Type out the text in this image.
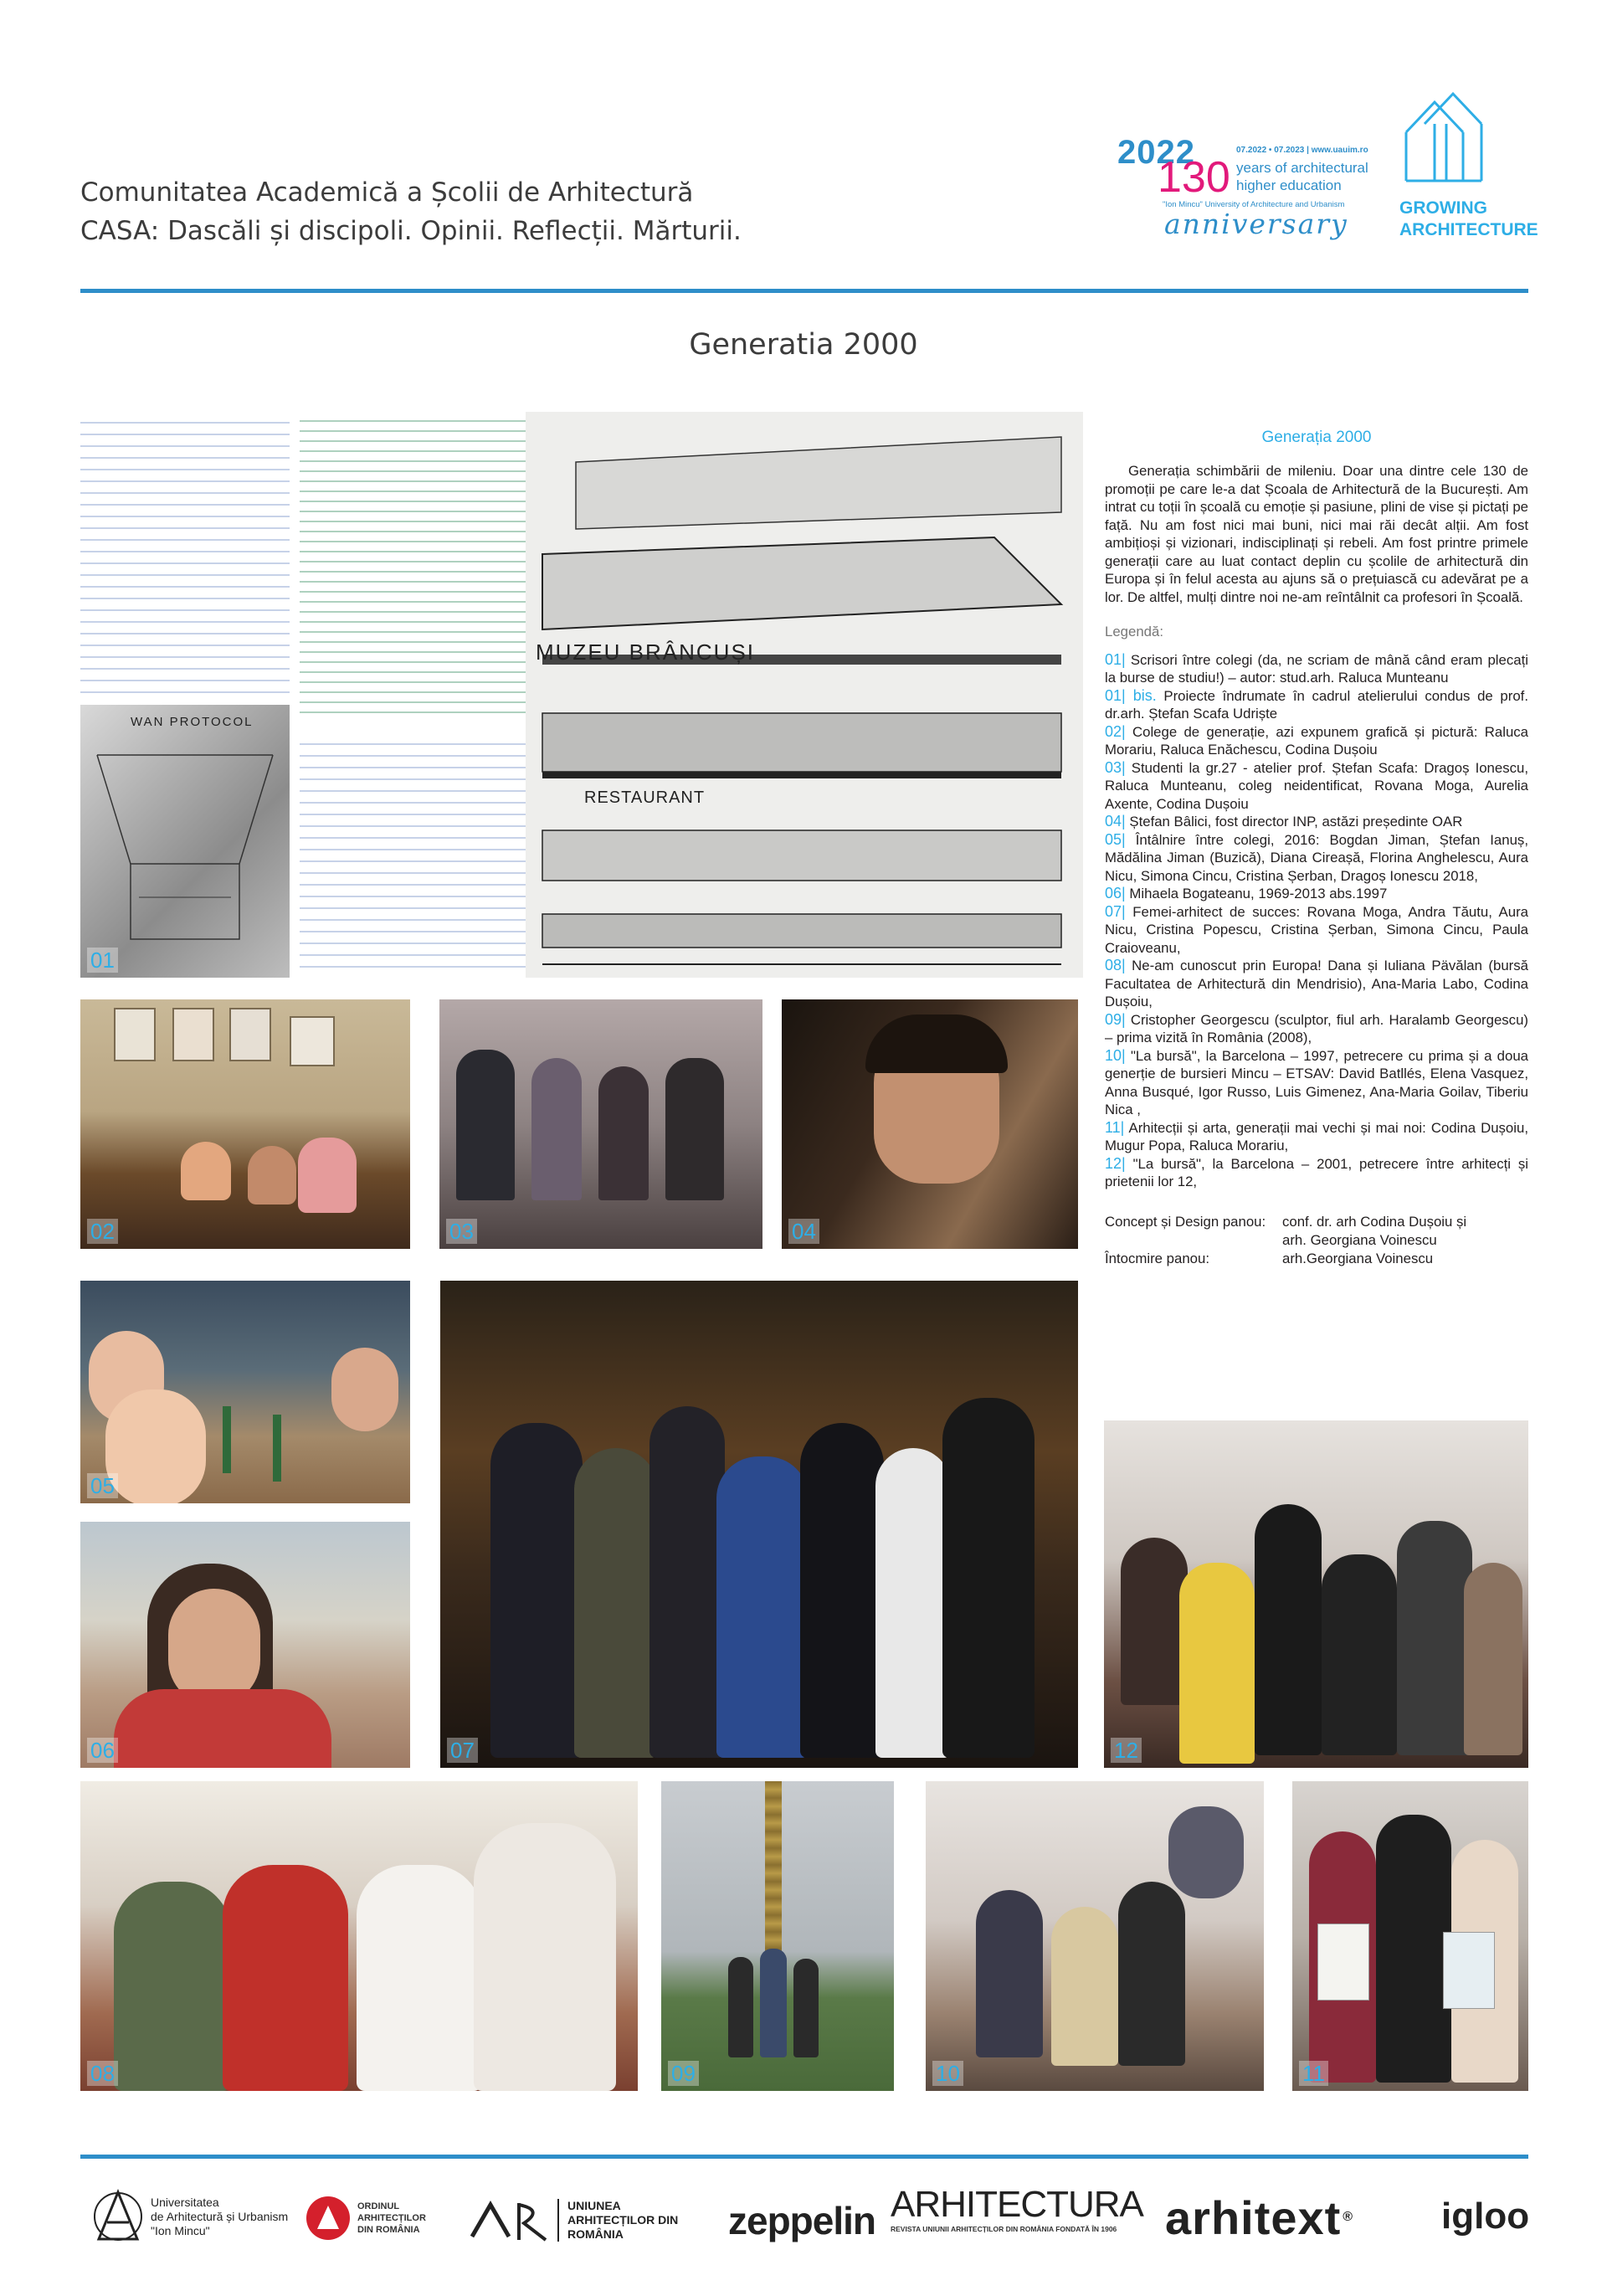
Comunitatea Academică a Școlii de Arhitectură
CASA: Dascăli și discipoli. Opinii. Reflecții. Mărturii.
2022
130
07.2022 • 07.2023 | www.uauim.ro
years of architectural
higher education
"Ion Mincu" University of Architecture and Urbanism
anniversary	GROWING
ARCHITECTURE
Generatia 2000
WAN PROTOCOL
MUZEU BRÂNCUȘI
RESTAURANT
01
Generația 2000
Generația schimbării de mileniu. Doar una dintre cele 130 de promoții pe care le-a dat Școala de Arhitectură de la București. Am intrat cu toții în școală cu emoție și pasiune, plini de vise și pictați pe față. Nu am fost nici mai buni, nici mai răi decât alții. Am fost ambițioși și vizionari, indisciplinați și rebeli. Am fost printre primele generații care au luat contact deplin cu școlile de arhitectură din Europa și în felul acesta au ajuns să o prețuiască cu adevărat pe a lor. De altfel, mulți dintre noi ne-am reîntâlnit ca profesori în Școală.
Legendă:

01| Scrisori între colegi (da, ne scriam de mână când eram plecați la burse de studiu!) – autor: stud.arh. Raluca Munteanu

01| bis. Proiecte îndrumate în cadrul atelierului condus de prof. dr.arh. Ștefan Scafa Udriște

02| Colege de generație, azi expunem grafică și pictură: Raluca Morariu, Raluca Enăchescu, Codina Dușoiu

03| Studenti la gr.27 - atelier prof. Ștefan Scafa: Dragoș Ionescu, Raluca Munteanu, coleg neidentificat, Rovana Moga, Aurelia Axente, Codina Dușoiu

04| Ștefan Bâlici, fost director INP, astăzi președinte OAR

05| Întâlnire între colegi, 2016: Bogdan Jiman, Ștefan Ianuș, Mădălina Jiman (Buzică), Diana Cireașă, Florina Anghelescu, Aura Nicu, Simona Cincu, Cristina Șerban, Dragoș Ionescu 2018,

06| Mihaela Bogateanu, 1969-2013 abs.1997

07| Femei-arhitect de succes: Rovana Moga, Andra Tăutu, Aura Nicu, Cristina Popescu, Cristina Șerban, Simona Cincu, Paula Craioveanu,

08| Ne-am cunoscut prin Europa! Dana și Iuliana Pävălan (bursă Facultatea de Arhitectură din Mendrisio), Ana-Maria Labo, Codina Dușoiu,

09| Cristopher Georgescu (sculptor, fiul arh. Haralamb Georgescu) – prima vizită în România (2008),

10| "La bursă", la Barcelona – 1997, petrecere cu prima și a doua generție de bursieri Mincu – ETSAV: David Batllés, Elena Vasquez, Anna Busqué, Igor Russo, Luis Gimenez, Ana-Maria Goilav, Tiberiu Nica ,

11| Arhitecții și arta, generații mai vechi și mai noi: Codina Dușoiu, Mugur Popa, Raluca Morariu,

12| "La bursă", la Barcelona – 2001, petrecere între arhitecți și prietenii lor 12,

Concept și Design panou:	conf. dr. arh Codina Dușoiu și
arh. Georgiana Voinescu
Întocmire panou:	arh.Georgiana Voinescu
02	03	04
05
06	07	12
08	09	10	11
Universitatea
de Arhitectură și Urbanism
"Ion Mincu"
ORDINUL
ARHITECȚILOR
DIN ROMÂNIA
UNIUNEA
ARHITECȚILOR DIN
ROMÂNIA	zeppelin ARHITECTURA
REVISTA UNIUNII ARHITECȚILOR DIN ROMÂNIA FONDATĂ ÎN 1906 arhitext ® igloo
